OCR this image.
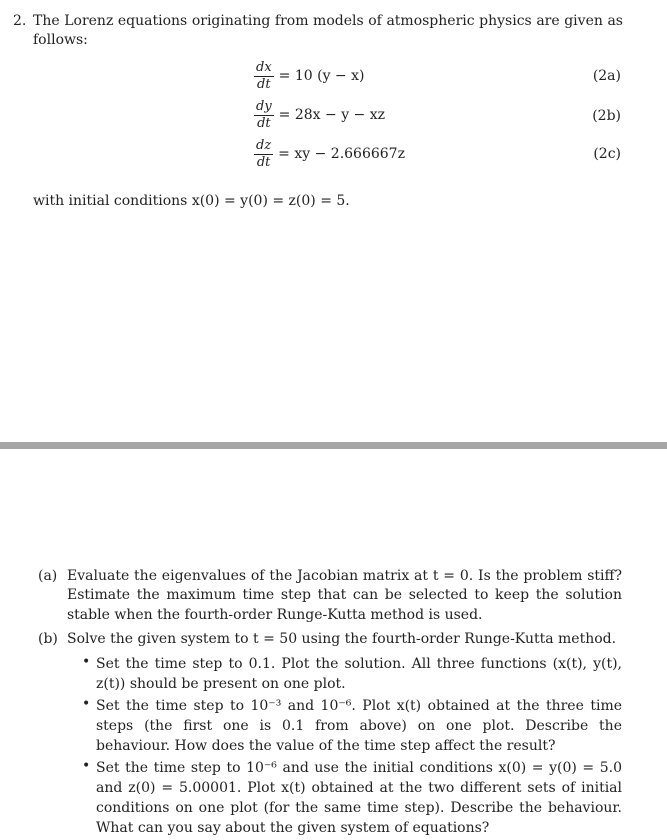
2. The Lorenz equations originating from models of atmospheric physics are given as follows:
$\frac{dx}{dt} = 10$ (y − x)	(2a)
$\frac{dy}{dt} = 28x - y$ − xz	(2b)
$\frac{dz}{dt}$ = xy − 2.666667z	(2c)
with initial conditions x(0) = y(0) = z(0) = 5.
(a) Evaluate the eigenvalues of the Jacobian matrix at t = 0. Is the problem stiff? Estimate the maximum time step that can be selected to keep the solution stable when the fourth-order Runge-Kutta method is used.
(b) Solve the given system to t = 50 using the fourth-order Runge-Kutta method.
• Set the time step to 0.1. Plot the solution. All three functions (x(t), y(t), z(t)) should be present on one plot.
• Set the time step to 10⁻³ and 10⁻⁶. Plot x(t) obtained at the three time steps (the first one is 0.1 from above) on one plot. Describe the behaviour. How does the value of the time step affect the result?
• Set the time step to 10⁻⁶ and use the initial conditions x(0) = y(0) = 5.0 and z(0) = 5.00001. Plot x(t) obtained at the two different sets of initial conditions on one plot (for the same time step). Describe the behaviour. What can you say about the given system of equations?
